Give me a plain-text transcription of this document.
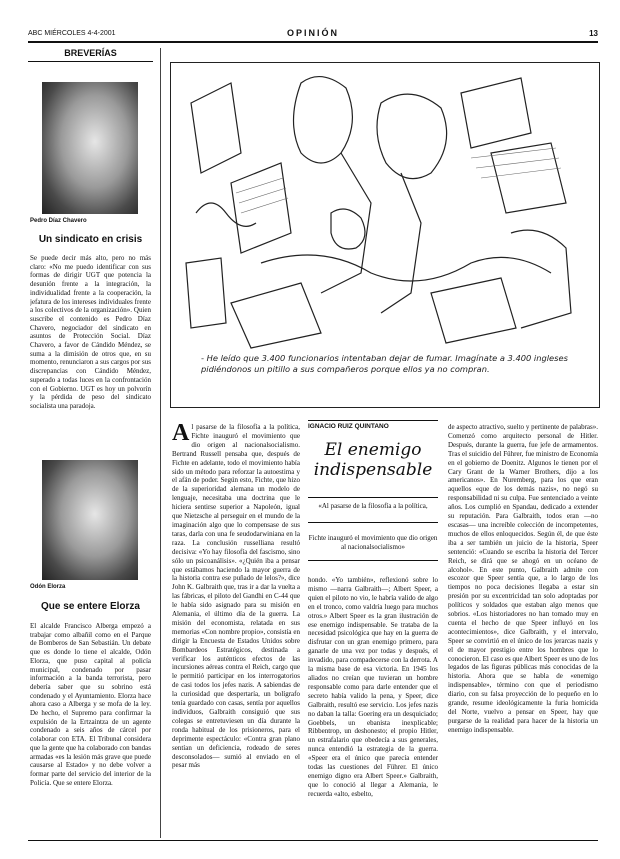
ABC MIÉRCOLES 4-4-2001	OPINIÓN	13
BREVERÍAS
Pedro Díaz Chavero
Un sindicato en crisis
Se puede decir más alto, pero no más claro: «No me puedo identificar con sus formas de dirigir UGT que potencia la desunión frente a la integración, la individualidad frente a la cooperación, la jefatura de los intereses individuales frente a los colectivos de la organización». Quien suscribe el contenido es Pedro Díaz Chavero, negociador del sindicato en asuntos de Protección Social. Díaz Chavero, a favor de Cándido Méndez, se suma a la dimisión de otros que, en su momento, renunciaron a sus cargos por sus discrepancias con Cándido Méndez, superado a todas luces en la confrontación con el Gobierno. UGT es hoy un polvorín y la pérdida de peso del sindicato socialista una paradoja.
Odón Elorza
Que se entere Elorza
El alcalde Francisco Alberga empezó a trabajar como albañil como en el Parque de Bomberos de San Sebastián. Un debate que es donde lo tiene el alcalde, Odón Elorza, que puso capital al policía municipal, condenado por pasar información a la banda terrorista, pero debería saber que su sobrino está condenado y el Ayuntamiento. Elorza hace ahora caso a Alberga y se mofa de la ley. De hecho, el Supremo para confirmar la expulsión de la Ertzaintza de un agente condenado a seis años de cárcel por colaborar con ETA. El Tribunal considera que la gente que ha colaborado con bandas armadas «es la lesión más grave que puede causarse al Estado» y no debe volver a formar parte del servicio del interior de la Policía. Que se entere Elorza.
- He leído que 3.400 funcionarios intentaban dejar de fumar. Imagínate a 3.400 ingleses pidiéndonos un pitillo a sus compañeros porque ellos ya no compran.
Al pasarse de la filosofía a la política, Fichte inauguró el movimiento que dio origen al nacionalsocialismo. Bertrand Russell pensaba que, después de Fichte en adelante, todo el movimiento había sido un método para reforzar la autoestima y el afán de poder. Según esto, Fichte, que hizo de la superioridad alemana un modelo de lenguaje, necesitaba una doctrina que le hiciera sentirse superior a Napoleón, igual que Nietzsche al perseguir en el mundo de la imaginación algo que lo compensase de sus taras, darla con una fe seudodarwiniana en la raza. La conclusión russelliana resultó decisiva: «Yo hay filosofía del fascismo, sino sólo un psicoanálisis». «¿Quién iba a pensar que estábamos haciendo la mayor guerra de la historia contra ese puñado de lelos?», dice John K. Galbraith que, tras ir a dar la vuelta a las fábricas, el piloto del Gandhi en C-44 que le había sido asignado para su misión en Alemania, el último día de la guerra. La misión del economista, relatada en sus memorias «Con nombre propio», consistía en dirigir la Encuesta de Estados Unidos sobre Bombardeos Estratégicos, destinada a verificar los auténticos efectos de las incursiones aéreas contra el Reich, cargo que le permitió participar en los interrogatorios de casi todos los jefes nazis. A sabiendas de la curiosidad que despertaría, un bolígrafo tenía guardado con casas, sentía por aquellos individuos, Galbraith consiguió que sus colegas se entretuviesen un día durante la ronda habitual de los prisioneros, para el deprimente espectáculo: «Contra gran plano sentían un deficiencia, rodeado de seres desconsolados— sumió al enviado en el pesar más
IGNACIO RUIZ QUINTANO
El enemigo indispensable
«Al pasarse de la filosofía a la política,
Fichte inauguró el movimiento que dio origen al nacionalsocialismo»
hondo. «Yo también», reflexionó sobre lo mismo —narra Galbraith—; Albert Speer, a quien el piloto no vio, le habría valido de algo en el tronco, como valdría luego para muchos otros.» Albert Speer es la gran ilustración de ese enemigo indispensable. Se trataba de la necesidad psicológica que hay en la guerra de disfrutar con un gran enemigo primero, para ganarle de una vez por todas y después, el invadido, para compadecerse con la derrota. A la misma base de esa victoria. En 1945 los aliados no creían que tuvieran un hombre responsable como para darle entender que el secreto había valido la pena, y Speer, dice Galbraith, resultó ese servicio. Los jefes nazis no daban la talla: Goering era un desquiciado; Goebbels, un ebanista inexplicable; Ribbentrop, un deshonesto; el propio Hitler, un estrafalario que obedecía a sus generales, nunca entendió la estrategia de la guerra. «Speer era el único que parecía entender todas las cuestiones del Führer. El único enemigo digno era Albert Speer.» Galbraith, que lo conoció al llegar a Alemania, le recuerda «alto, esbelto,
de aspecto atractivo, suelto y pertinente de palabras». Comenzó como arquitecto personal de Hitler. Después, durante la guerra, fue jefe de armamentos. Tras el suicidio del Führer, fue ministro de Economía en el gobierno de Doenitz. Algunos le tienen por el Cary Grant de la Warner Brothers, dijo a los americanos». En Nuremberg, para los que eran aquellos «que de los demás nazis», no negó su responsabilidad ni su culpa. Fue sentenciado a veinte años. Los cumplió en Spandau, dedicado a extender su reputación. Para Galbraith, todos eran —no escasas— una increíble colección de incompetentes, muchos de ellos enloquecidos. Según él, de que éste iba a ser también un juicio de la historia, Speer sentenció: «Cuando se escriba la historia del Tercer Reich, se dirá que se ahogó en un océano de alcohol». En este punto, Galbraith admite con escozor que Speer sentía que, a lo largo de los tiempos no poca decisiones llegaba a estar sin presión por su excentricidad tan solo adoptadas por políticos y soldados que estaban algo menos que sobrios. «Los historiadores no han tomado muy en cuenta el hecho de que Speer influyó en los acontecimientos», dice Galbraith, y el intervalo, Speer se convirtió en el único de los jerarcas nazis y el de mayor prestigio entre los hombres que lo conocieron. El caso es que Albert Speer es uno de los legados de las figuras públicas más conocidas de la historia. Ahora que se habla de «enemigo indispensable», término con que el periodismo diario, con su falsa proyección de lo pequeño en lo grande, resume ideológicamente la furia homicida del Norte, vuelvo a pensar en Speer, hay que purgarse de la realidad para hacer de la historia un enemigo indispensable.
